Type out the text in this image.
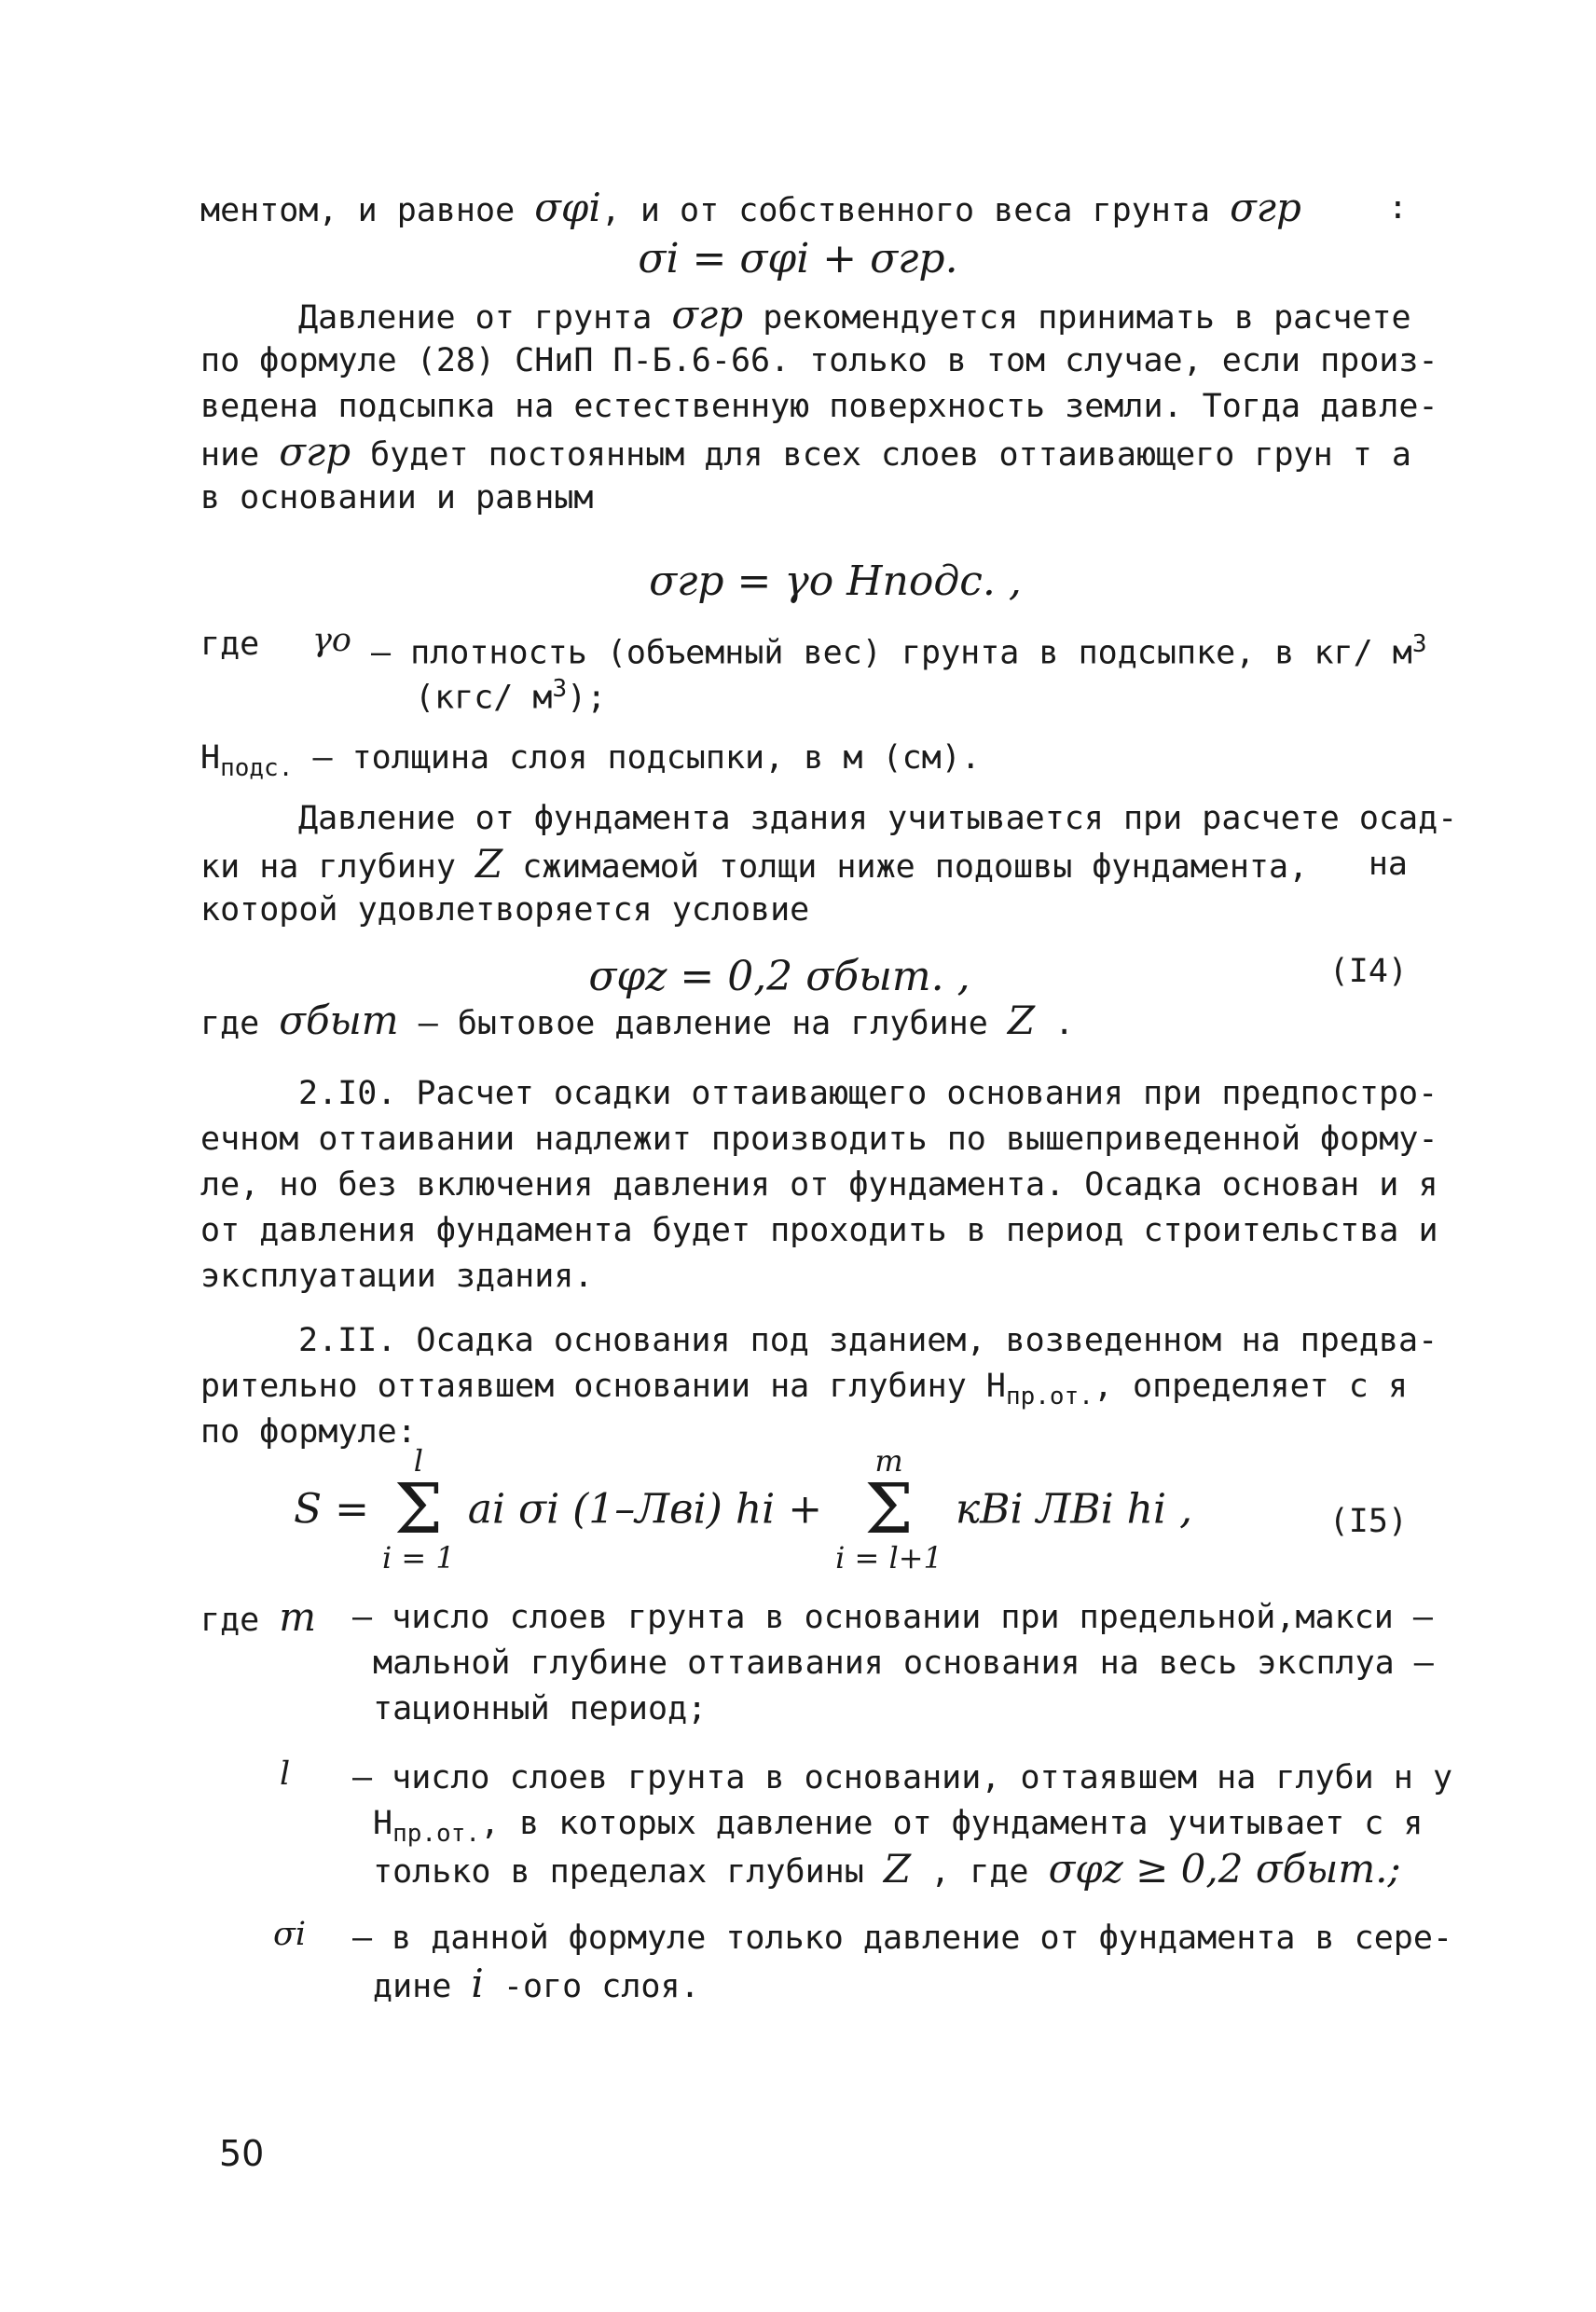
ментом, и равное σφi, и от собственного веса грунта σгр	:
σi = σφi + σгр.
Давление от грунта σгр рекомендуется принимать в расчете
по формуле (28) СНиП П-Б.6-66. только в том случае, если произ-
ведена подсыпка на естественную поверхность земли. Тогда давле-
ние σгр будет постоянным для всех слоев оттаивающего грун т а
в основании и равным
σгр = γo Hподс. ,
где γo – плотность (объемный вес) грунта в подсыпке, в кг/ $м^3$
(кгс/ $м^3$);
$Н_{подс.}$ – толщина слоя подсыпки, в м (см).
Давление от фундамента здания учитывается при расчете осад-
ки на глубину Z сжимаемой толщи ниже подошвы фундамента, на
которой удовлетворяется условие
σφz = 0,2 σбыт. ,	(I4)
где σбыт – бытовое давление на глубине Z .
2.I0. Расчет осадки оттаивающего основания при предпостро-
ечном оттаивании надлежит производить по вышеприведенной форму-
ле, но без включения давления от фундамента. Осадка основан и я
от давления фундамента будет проходить в период строительства и
эксплуатации здания.
2.II. Осадка основания под зданием, возведенном на предва-
рительно оттаявшем основании на глубину $Н_{пр.от.}$, определяет с я
по формуле:
S =
l
Σ
i = 1
ai σi (1–Лвi) hi +
m
Σ
i = l+1
кВi ЛВi hi ,	(I5)
где m – число слоев грунта в основании при предельной,макси –
мальной глубине оттаивания основания на весь эксплуа –
тационный период;
l – число слоев грунта в основании, оттаявшем на глуби н у
$Н_{пр.от.}$, в которых давление от фундамента учитывает с я
только в пределах глубины Z , где σφz ≥ 0,2 σбыт.;
σi – в данной формуле только давление от фундамента в сере-
дине i -ого слоя.
50
